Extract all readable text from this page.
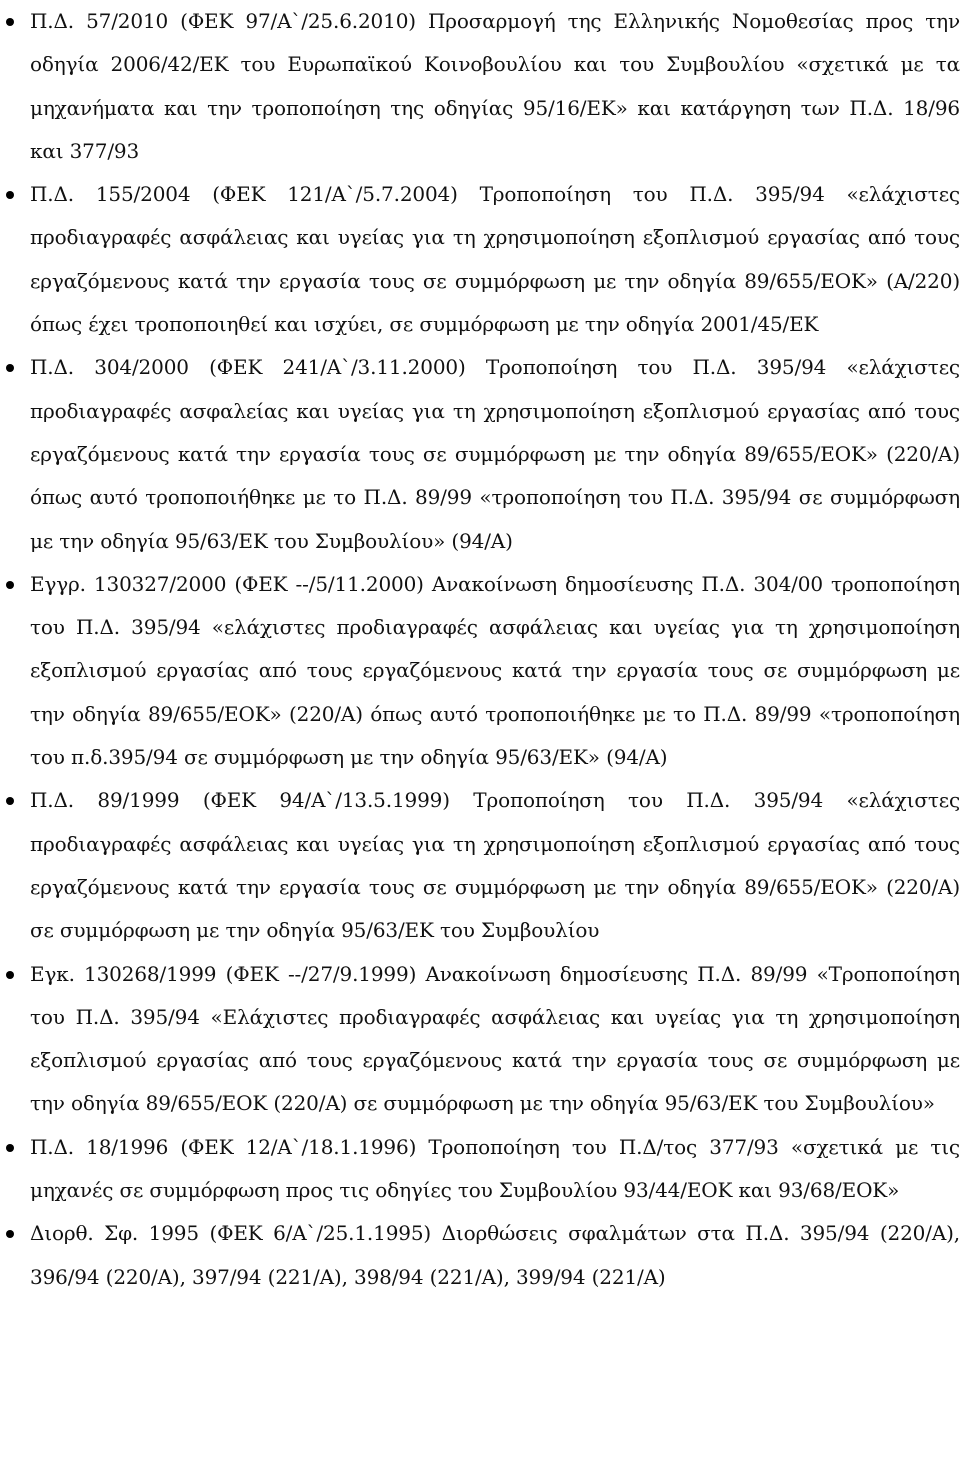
Π.Δ. 57/2010 (ΦΕΚ 97/Α`/25.6.2010) Προσαρμογή της Ελληνικής Νομοθεσίας προς την οδηγία 2006/42/ΕΚ του Ευρωπαϊκού Κοινοβουλίου και του Συμβουλίου «σχετικά με τα μηχανήματα και την τροποποίηση της οδηγίας 95/16/ΕΚ» και κατάργηση των Π.Δ. 18/96 και 377/93
Π.Δ. 155/2004 (ΦΕΚ 121/Α`/5.7.2004) Τροποποίηση του Π.Δ. 395/94 «ελάχιστες προδιαγραφές ασφάλειας και υγείας για τη χρησιμοποίηση εξοπλισμού εργασίας από τους εργαζόμενους κατά την εργασία τους σε συμμόρφωση με την οδηγία 89/655/ΕΟΚ» (Α/220) όπως έχει τροποποιηθεί και ισχύει, σε συμμόρφωση με την οδηγία 2001/45/ΕΚ
Π.Δ. 304/2000 (ΦΕΚ 241/Α`/3.11.2000) Τροποποίηση του Π.Δ. 395/94 «ελάχιστες προδιαγραφές ασφαλείας και υγείας για τη χρησιμοποίηση εξοπλισμού εργασίας από τους εργαζόμενους κατά την εργασία τους σε συμμόρφωση με την οδηγία 89/655/ΕΟΚ» (220/Α) όπως αυτό τροποποιήθηκε με το Π.Δ. 89/99 «τροποποίηση του Π.Δ. 395/94 σε συμμόρφωση με την οδηγία 95/63/ΕΚ του Συμβουλίου» (94/Α)
Εγγρ. 130327/2000 (ΦΕΚ --/5/11.2000) Ανακοίνωση δημοσίευσης Π.Δ. 304/00 τροποποίηση του Π.Δ. 395/94 «ελάχιστες προδιαγραφές ασφάλειας και υγείας για τη χρησιμοποίηση εξοπλισμού εργασίας από τους εργαζόμενους κατά την εργασία τους σε συμμόρφωση με την οδηγία 89/655/ΕΟΚ» (220/Α) όπως αυτό τροποποιήθηκε με το Π.Δ. 89/99 «τροποποίηση του π.δ.395/94 σε συμμόρφωση με την οδηγία 95/63/ΕΚ» (94/Α)
Π.Δ. 89/1999 (ΦΕΚ 94/Α`/13.5.1999) Τροποποίηση του Π.Δ. 395/94 «ελάχιστες προδιαγραφές ασφάλειας και υγείας για τη χρησιμοποίηση εξοπλισμού εργασίας από τους εργαζόμενους κατά την εργασία τους σε συμμόρφωση με την οδηγία 89/655/ΕΟΚ» (220/Α) σε συμμόρφωση με την οδηγία 95/63/ΕΚ του Συμβουλίου
Εγκ. 130268/1999 (ΦΕΚ --/27/9.1999) Ανακοίνωση δημοσίευσης Π.Δ. 89/99 «Τροποποίηση του Π.Δ. 395/94 «Ελάχιστες προδιαγραφές ασφάλειας και υγείας για τη χρησιμοποίηση εξοπλισμού εργασίας από τους εργαζόμενους κατά την εργασία τους σε συμμόρφωση με την οδηγία 89/655/ΕΟΚ (220/Α) σε συμμόρφωση με την οδηγία 95/63/ΕΚ του Συμβουλίου»
Π.Δ. 18/1996 (ΦΕΚ 12/Α`/18.1.1996) Τροποποίηση του Π.Δ/τος 377/93 «σχετικά με τις μηχανές σε συμμόρφωση προς τις οδηγίες του Συμβουλίου 93/44/ΕΟΚ και 93/68/ΕΟΚ»
Διορθ. Σφ. 1995 (ΦΕΚ 6/Α`/25.1.1995) Διορθώσεις σφαλμάτων στα Π.Δ. 395/94 (220/Α), 396/94 (220/Α), 397/94 (221/Α), 398/94 (221/Α), 399/94 (221/Α)
